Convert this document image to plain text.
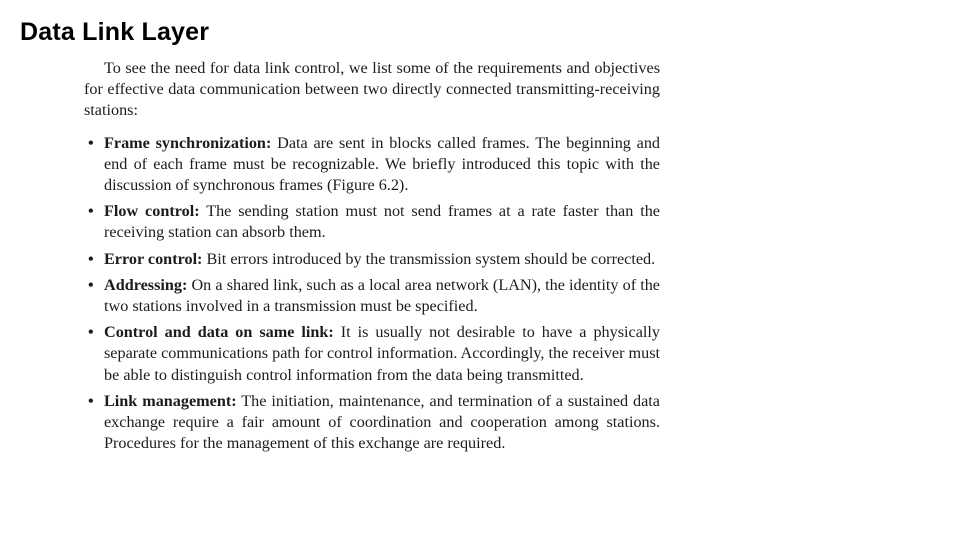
Data Link Layer

To see the need for data link control, we list some of the requirements and objectives for effective data communication between two directly connected transmitting-receiving stations:

• Frame synchronization: Data are sent in blocks called frames. The beginning and end of each frame must be recognizable. We briefly introduced this topic with the discussion of synchronous frames (Figure 6.2).
• Flow control: The sending station must not send frames at a rate faster than the receiving station can absorb them.
• Error control: Bit errors introduced by the transmission system should be corrected.
• Addressing: On a shared link, such as a local area network (LAN), the identity of the two stations involved in a transmission must be specified.
• Control and data on same link: It is usually not desirable to have a physically separate communications path for control information. Accordingly, the receiver must be able to distinguish control information from the data being transmitted.
• Link management: The initiation, maintenance, and termination of a sustained data exchange require a fair amount of coordination and cooperation among stations. Procedures for the management of this exchange are required.
